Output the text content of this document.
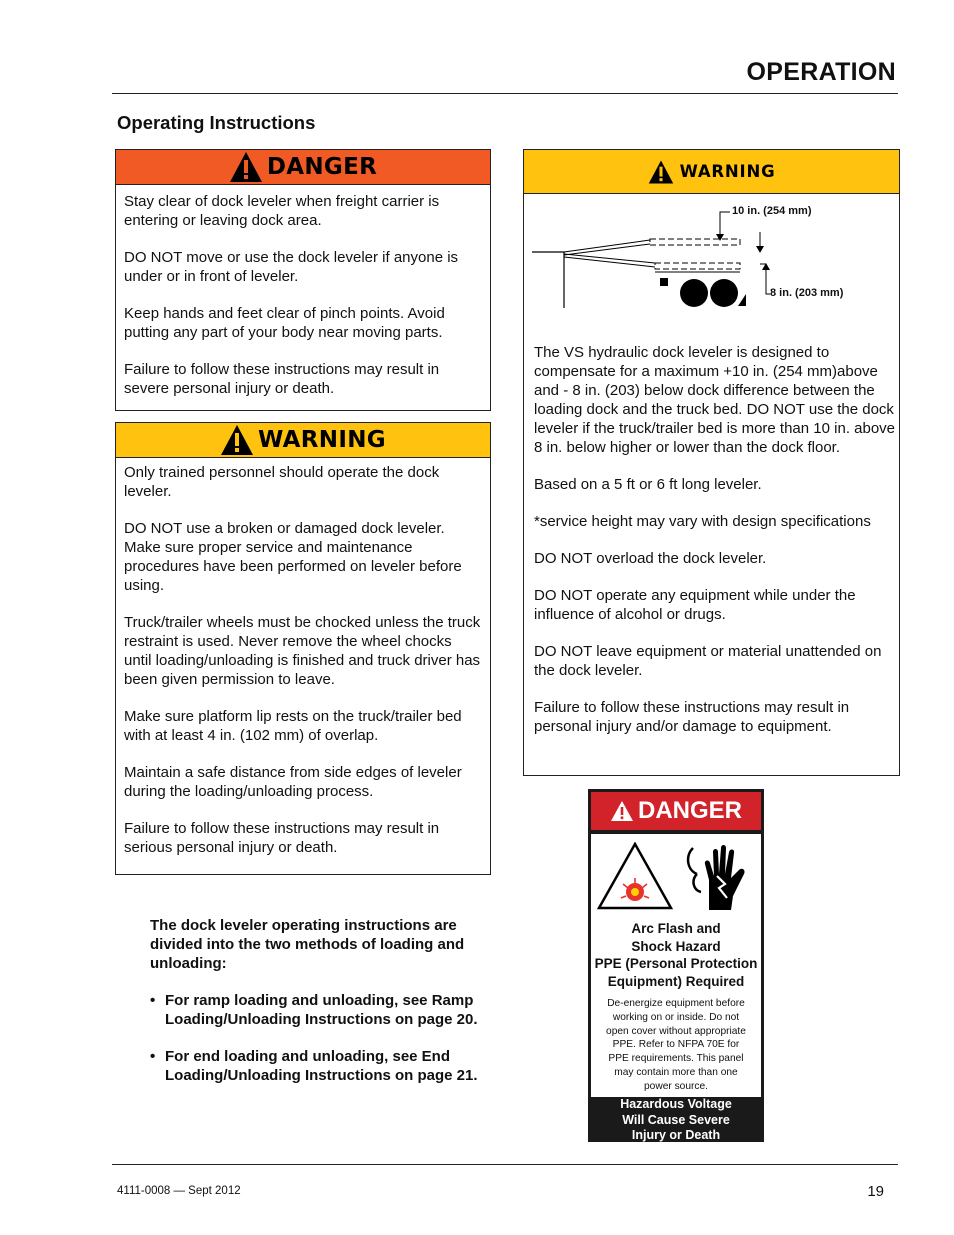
OPERATION
Operating Instructions
DANGER

Stay clear of dock leveler when freight carrier is entering or leaving dock area.

DO NOT move or use the dock leveler if anyone is under or in front of leveler.

Keep hands and feet clear of pinch points. Avoid putting any part of your body near moving parts.

Failure to follow these instructions may result in severe personal injury or death.

WARNING

Only trained personnel should operate the dock leveler.

DO NOT use a broken or damaged dock leveler. Make sure proper service and maintenance procedures have been performed on leveler before using.

Truck/trailer wheels must be chocked unless the truck restraint is used. Never remove the wheel chocks until loading/unloading is finished and truck driver has been given permission to leave.

Make sure platform lip rests on the truck/trailer bed with at least 4 in. (102 mm) of overlap.

Maintain a safe distance from side edges of leveler during the loading/unloading process.

Failure to follow these instructions may result in serious personal injury or death.

WARNING
10 in. (254 mm)
8 in. (203 mm)

The VS hydraulic dock leveler is designed to compensate for a maximum +10 in. (254 mm)above and - 8 in. (203) below dock difference between the loading dock and the truck bed. DO NOT use the dock leveler if the truck/trailer bed is more than 10 in. above 8 in. below higher or lower than the dock floor.

Based on a 5 ft or 6 ft long leveler.

*service height may vary with design specifications

DO NOT overload the dock leveler.

DO NOT operate any equipment while under the influence of alcohol or drugs.

DO NOT leave equipment or material unattended on the dock leveler.

Failure to follow these instructions may result in personal injury and/or damage to equipment.

The dock leveler operating instructions are divided into the two methods of loading and unloading:

• For ramp loading and unloading, see Ramp Loading/Unloading Instructions on page 20.

• For end loading and unloading, see End Loading/Unloading Instructions on page 21.

DANGER
Arc Flash and
Shock Hazard
PPE (Personal Protection
Equipment) Required
De-energize equipment before
working on or inside. Do not
open cover without appropriate
PPE. Refer to NFPA 70E for
PPE requirements. This panel
may contain more than one
power source.
Hazardous Voltage
Will Cause Severe
Injury or Death
4111-0008 — Sept 2012	19
